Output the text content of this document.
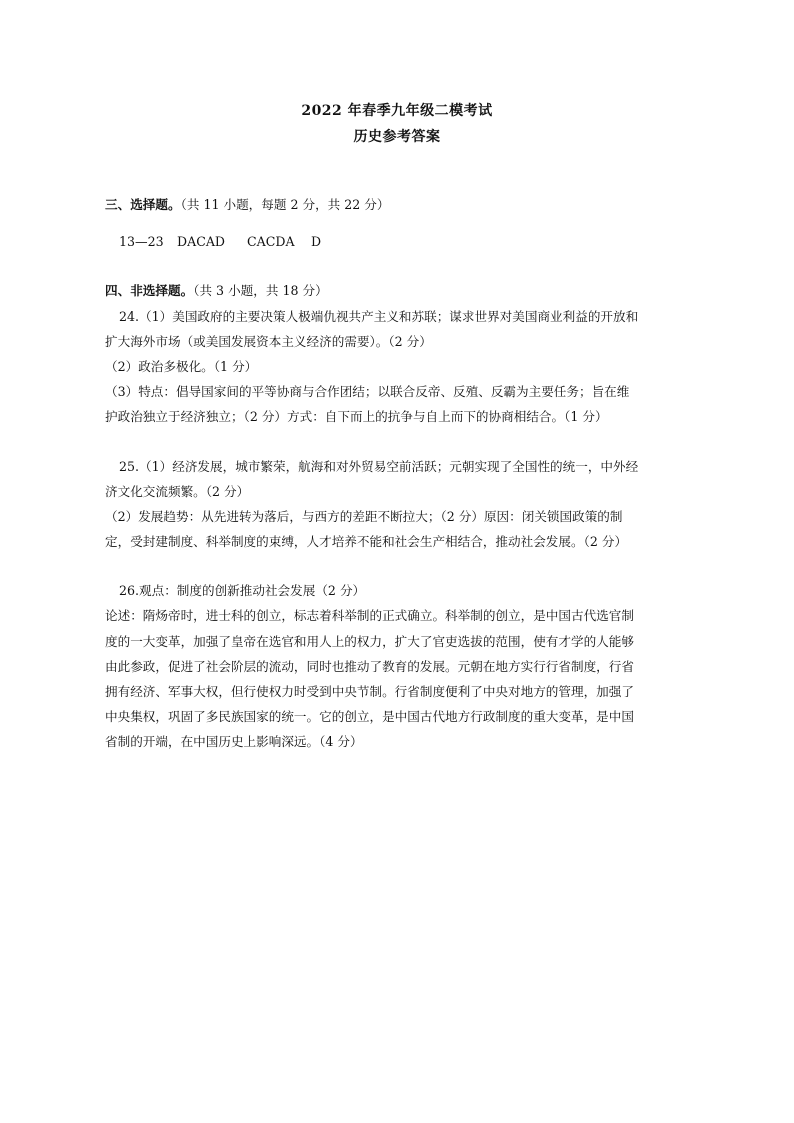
2022 年春季九年级二模考试
历史参考答案
三、选择题。（共 11 小题，每题 2 分，共 22 分）
13—23 DACAD CACDA D
四、非选择题。（共 3 小题，共 18 分）
24.（1）美国政府的主要决策人极端仇视共产主义和苏联；谋求世界对美国商业利益的开放和
扩大海外市场（或美国发展资本主义经济的需要）。（2 分）
（2）政治多极化。（1 分）
（3）特点：倡导国家间的平等协商与合作团结；以联合反帝、反殖、反霸为主要任务；旨在维
护政治独立于经济独立；（2 分）方式：自下而上的抗争与自上而下的协商相结合。（1 分）
25.（1）经济发展，城市繁荣，航海和对外贸易空前活跃；元朝实现了全国性的统一，中外经
济文化交流频繁。（2 分）
（2）发展趋势：从先进转为落后，与西方的差距不断拉大；（2 分）原因：闭关锁国政策的制
定，受封建制度、科举制度的束缚，人才培养不能和社会生产相结合，推动社会发展。（2 分）
26.观点：制度的创新推动社会发展（2 分）
论述：隋炀帝时，进士科的创立，标志着科举制的正式确立。科举制的创立，是中国古代选官制
度的一大变革，加强了皇帝在选官和用人上的权力，扩大了官吏选拔的范围，使有才学的人能够
由此参政，促进了社会阶层的流动，同时也推动了教育的发展。元朝在地方实行行省制度，行省
拥有经济、军事大权，但行使权力时受到中央节制。行省制度便利了中央对地方的管理，加强了
中央集权，巩固了多民族国家的统一。它的创立，是中国古代地方行政制度的重大变革，是中国
省制的开端，在中国历史上影响深远。（4 分）
